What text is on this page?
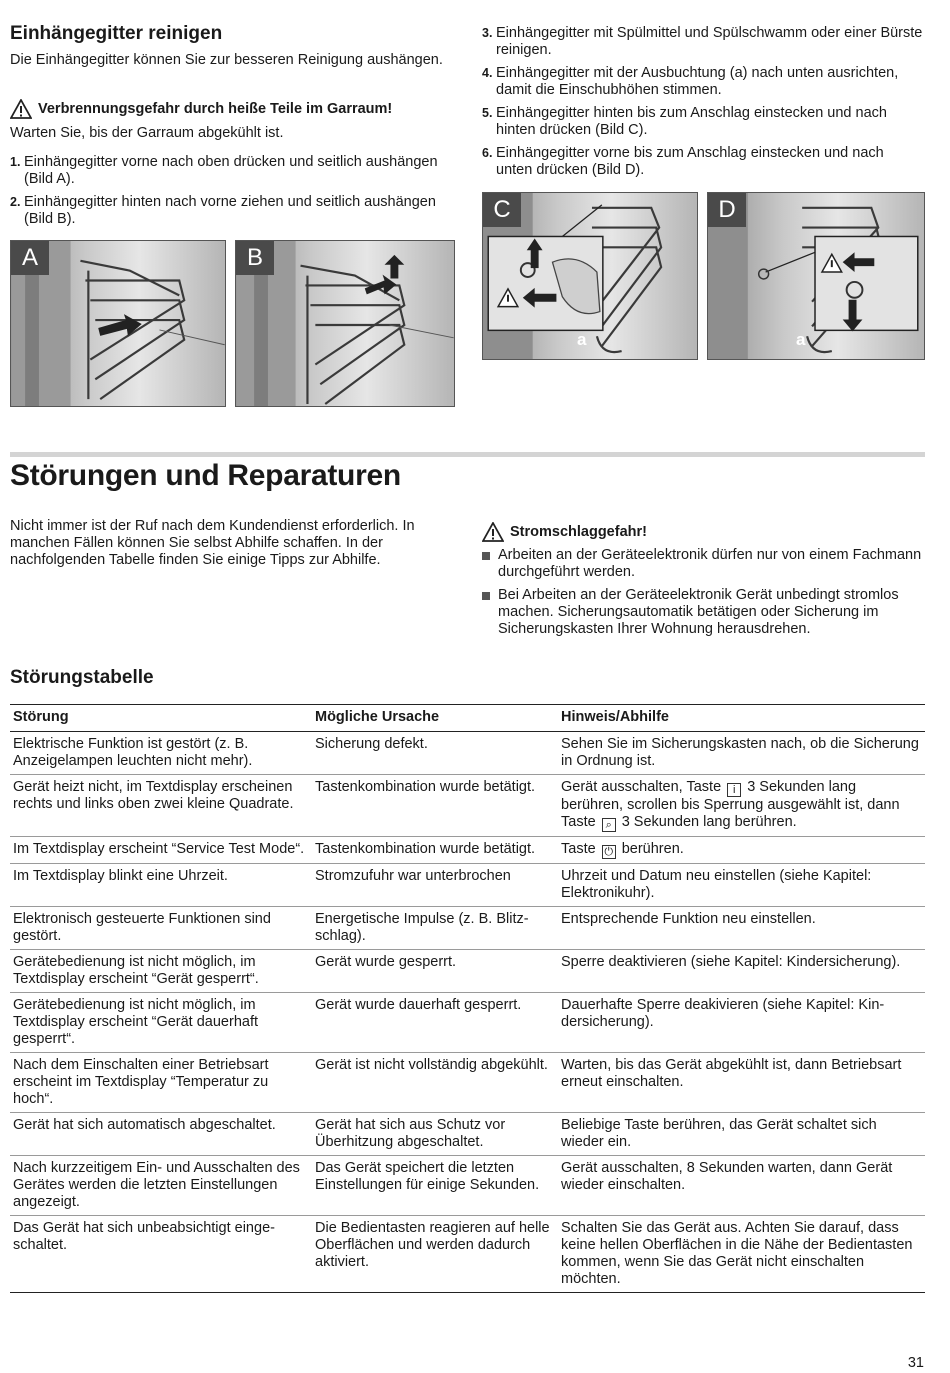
Einhängegitter reinigen

Die Einhängegitter können Sie zur besseren Reinigung aushängen.

Verbrennungsgefahr durch heiße Teile im Garraum!

Warten Sie, bis der Garraum abgekühlt ist.

1. Einhängegitter vorne nach oben drücken und seitlich aushängen (Bild A).
2. Einhängegitter hinten nach vorne ziehen und seitlich aushängen (Bild B).
A	B
3. Einhängegitter mit Spülmittel und Spülschwamm oder einer Bürste reinigen.
4. Einhängegitter mit der Ausbuchtung (a) nach unten ausrichten, damit die Einschubhöhen stimmen.
5. Einhängegitter hinten bis zum Anschlag einstecken und nach hinten drücken (Bild C).
6. Einhängegitter vorne bis zum Anschlag einstecken und nach unten drücken (Bild D).
C
a
D
a
Störungen und Reparaturen

Nicht immer ist der Ruf nach dem Kundendienst erforderlich. In manchen Fällen können Sie selbst Abhilfe schaffen. In der nachfolgenden Tabelle finden Sie einige Tipps zur Abhilfe.

Stromschlaggefahr!
Arbeiten an der Geräteelektronik dürfen nur von einem Fachmann durchgeführt werden.
Bei Arbeiten an der Geräteelektronik Gerät unbedingt stromlos machen. Sicherungsautomatik betätigen oder Sicherung im Sicherungskasten Ihrer Wohnung herausdrehen.
Störungstabelle
Störung	Mögliche Ursache	Hinweis/Abhilfe
Elektrische Funktion ist gestört (z. B. Anzeigelampen leuchten nicht mehr).	Sicherung defekt.	Sehen Sie im Sicherungskasten nach, ob die Sicherung in Ordnung ist.
Gerät heizt nicht, im Textdisplay erscheinen rechts und links oben zwei kleine Quadrate.	Tastenkombination wurde betätigt.	Gerät ausschalten, Taste i 3 Sekunden lang berühren, scrollen bis Sperrung ausgewählt ist, dann Taste ⌕ 3 Sekunden lang berühren.
Im Textdisplay erscheint “Service Test Mode“.	Tastenkombination wurde betätigt.	Taste ⏻ berühren.
Im Textdisplay blinkt eine Uhrzeit.	Stromzufuhr war unterbrochen	Uhrzeit und Datum neu einstellen (siehe Kapitel: Elektronikuhr).
Elektronisch gesteuerte Funktionen sind gestört.	Energetische Impulse (z. B. Blitzschlag).	Entsprechende Funktion neu einstellen.
Gerätebedienung ist nicht möglich, im Textdisplay erscheint “Gerät gesperrt“.	Gerät wurde gesperrt.	Sperre deaktivieren (siehe Kapitel: Kindersicherung).
Gerätebedienung ist nicht möglich, im Textdisplay erscheint “Gerät dauerhaft gesperrt“.	Gerät wurde dauerhaft gesperrt.	Dauerhafte Sperre deakivieren (siehe Kapitel: Kindersicherung).
Nach dem Einschalten einer Betriebsart erscheint im Textdisplay “Temperatur zu hoch“.	Gerät ist nicht vollständig abgekühlt.	Warten, bis das Gerät abgekühlt ist, dann Betriebsart erneut einschalten.
Gerät hat sich automatisch abgeschaltet.	Gerät hat sich aus Schutz vor Überhitzung abgeschaltet.	Beliebige Taste berühren, das Gerät schaltet sich wieder ein.
Nach kurzzeitigem Ein- und Ausschalten des Gerätes werden die letzten Einstellungen angezeigt.	Das Gerät speichert die letzten Einstellungen für einige Sekunden.	Gerät ausschalten, 8 Sekunden warten, dann Gerät wieder einschalten.
Das Gerät hat sich unbeabsichtigt eingeschaltet.	Die Bedientasten reagieren auf helle Oberflächen und werden dadurch aktiviert.	Schalten Sie das Gerät aus. Achten Sie darauf, dass keine hellen Oberflächen in die Nähe der Bedientasten kommen, wenn Sie das Gerät nicht einschalten möchten.
31
